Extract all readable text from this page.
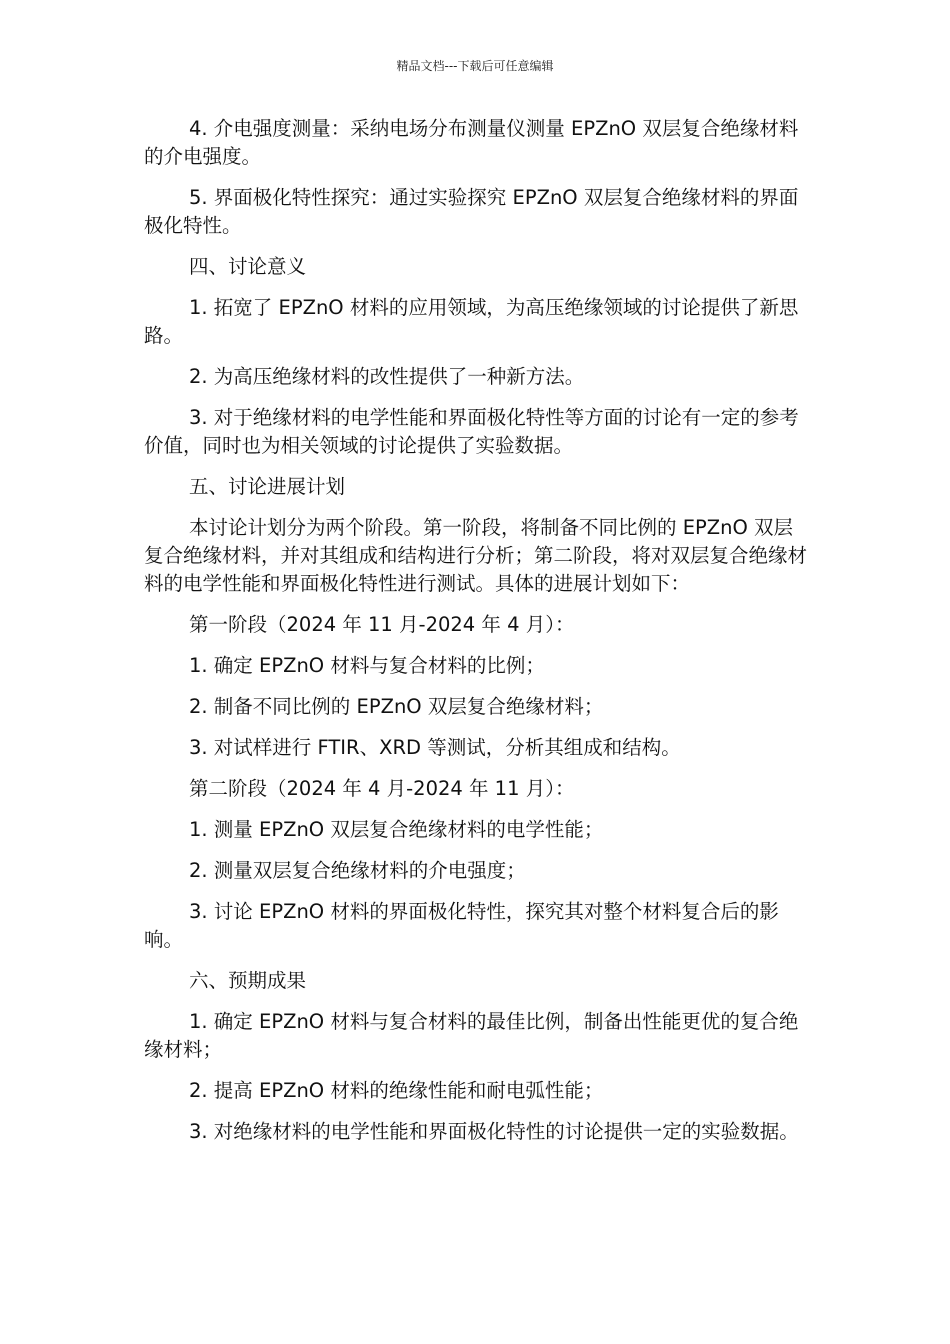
精品文档---下载后可任意编辑

4. 介电强度测量：采纳电场分布测量仪测量 EPZnO 双层复合绝缘材料的介电强度。

5. 界面极化特性探究：通过实验探究 EPZnO 双层复合绝缘材料的界面极化特性。

四、讨论意义

1. 拓宽了 EPZnO 材料的应用领域，为高压绝缘领域的讨论提供了新思路。

2. 为高压绝缘材料的改性提供了一种新方法。

3. 对于绝缘材料的电学性能和界面极化特性等方面的讨论有一定的参考价值，同时也为相关领域的讨论提供了实验数据。

五、讨论进展计划

本讨论计划分为两个阶段。第一阶段，将制备不同比例的 EPZnO 双层复合绝缘材料，并对其组成和结构进行分析；第二阶段，将对双层复合绝缘材料的电学性能和界面极化特性进行测试。具体的进展计划如下：

第一阶段（2024 年 11 月-2024 年 4 月）：

1. 确定 EPZnO 材料与复合材料的比例；

2. 制备不同比例的 EPZnO 双层复合绝缘材料；

3. 对试样进行 FTIR、XRD 等测试，分析其组成和结构。

第二阶段（2024 年 4 月-2024 年 11 月）：

1. 测量 EPZnO 双层复合绝缘材料的电学性能；

2. 测量双层复合绝缘材料的介电强度；

3. 讨论 EPZnO 材料的界面极化特性，探究其对整个材料复合后的影响。

六、预期成果

1. 确定 EPZnO 材料与复合材料的最佳比例，制备出性能更优的复合绝缘材料；

2. 提高 EPZnO 材料的绝缘性能和耐电弧性能；

3. 对绝缘材料的电学性能和界面极化特性的讨论提供一定的实验数据。
